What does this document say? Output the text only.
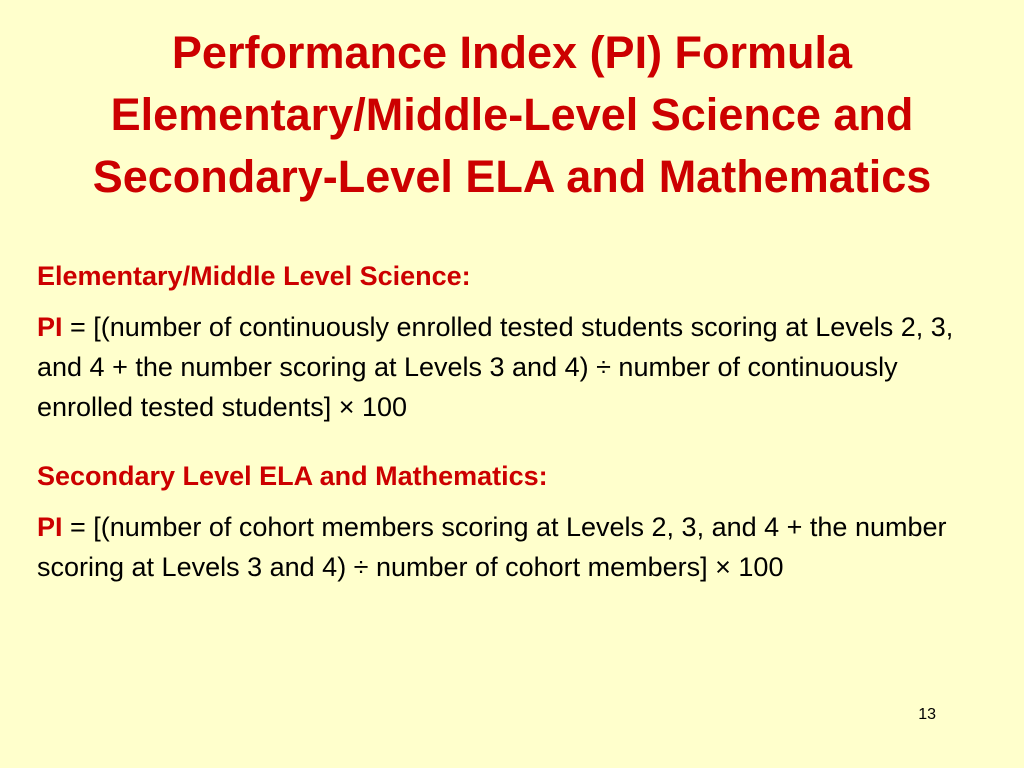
Performance Index (PI) Formula
Elementary/Middle-Level Science and
Secondary-Level ELA and Mathematics

Elementary/Middle Level Science:

PI = [(number of continuously enrolled tested students scoring at Levels 2, 3, and 4 + the number scoring at Levels 3 and 4) ÷ number of continuously enrolled tested students] × 100

Secondary Level ELA and Mathematics:

PI = [(number of cohort members scoring at Levels 2, 3, and 4 + the number scoring at Levels 3 and 4) ÷ number of cohort members] × 100

13
